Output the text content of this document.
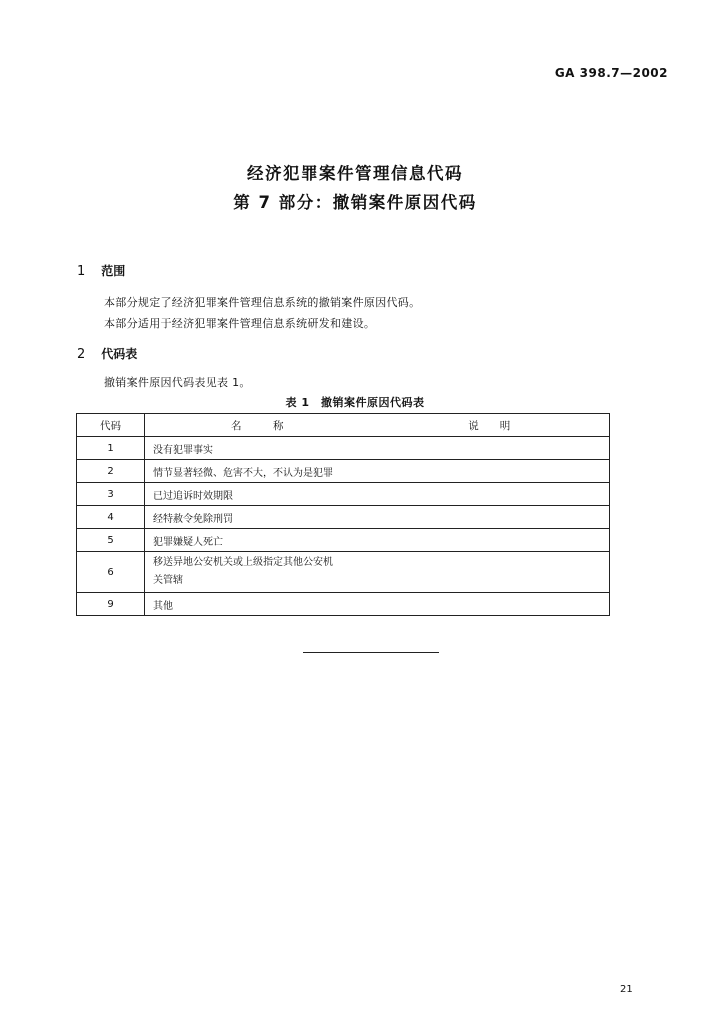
GA 398.7—2002
经济犯罪案件管理信息代码
第 7 部分：撤销案件原因代码
1 范围
本部分规定了经济犯罪案件管理信息系统的撤销案件原因代码。
本部分适用于经济犯罪案件管理信息系统研发和建设。
2 代码表
撤销案件原因代码表见表 1。
表 1　撤销案件原因代码表
代码	名　　　称	说　　明
1	没有犯罪事实	
2	情节显著轻微、危害不大，不认为是犯罪	
3	已过追诉时效期限	
4	经特赦令免除刑罚	
5	犯罪嫌疑人死亡	
6	移送异地公安机关或上级指定其他公安机
关管辖	

9	其他	
21
